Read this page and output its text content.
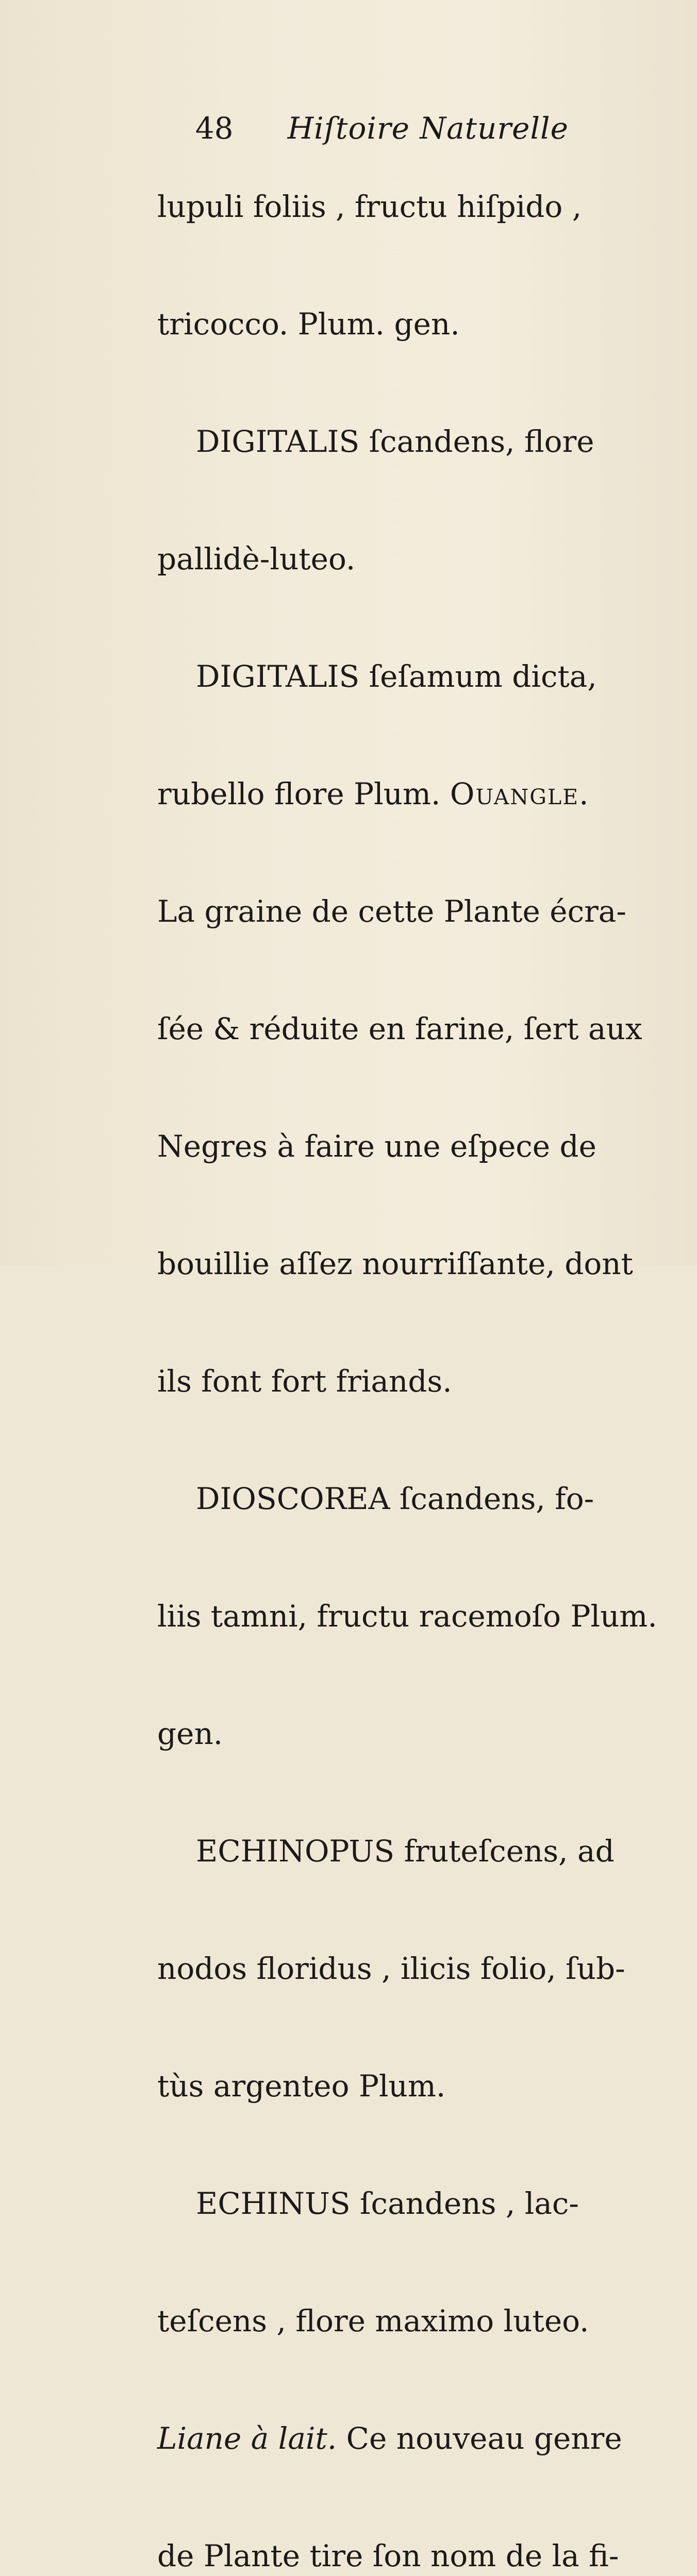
48 Hiſtoire Naturelle

lupuli foliis , fructu hiſpido ,

tricocco. Plum. gen.

DIGITALIS ſcandens, flore

pallidè-luteo.

DIGITALIS ſeſamum dicta,

rubello flore Plum. Ouangle.

La graine de cette Plante écra-

ſée & réduite en farine, ſert aux

Negres à faire une eſpece de

bouillie aſſez nourriſſante, dont

ils font fort friands.

DIOSCOREA ſcandens, fo-

liis tamni, fructu racemoſo Plum.

gen.

ECHINOPUS fruteſcens, ad

nodos floridus , ilicis folio, ſub-

tùs argenteo Plum.

ECHINUS ſcandens , lac-

teſcens , flore maximo luteo.

Liane à lait. Ce nouveau genre

de Plante tire ſon nom de la fi-
